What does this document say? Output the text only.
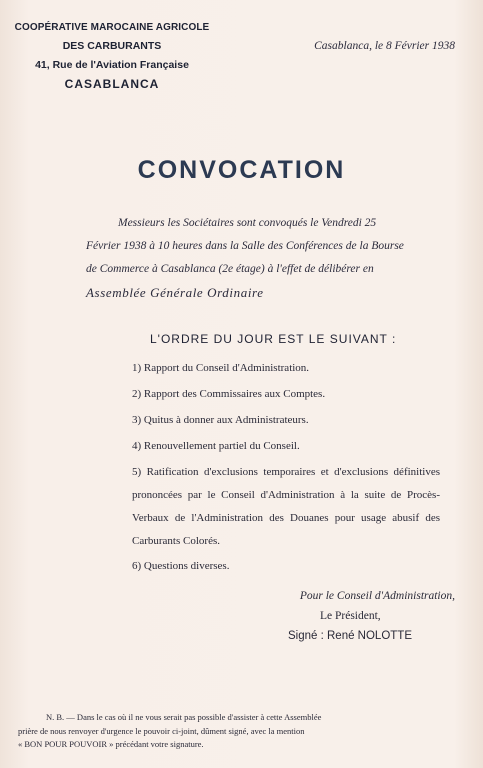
COOPÉRATIVE MAROCAINE AGRICOLE
DES CARBURANTS
41, Rue de l'Aviation Française
CASABLANCA
Casablanca, le 8 Février 1938
CONVOCATION

Messieurs les Sociétaires sont convoqués le Vendredi 25

Février 1938 à 10 heures dans la Salle des Conférences de la Bourse

de Commerce à Casablanca (2e étage) à l'effet de délibérer en

Assemblée Générale Ordinaire

L'ORDRE DU JOUR EST LE SUIVANT :
1) Rapport du Conseil d'Administration.
2) Rapport des Commissaires aux Comptes.
3) Quitus à donner aux Administrateurs.
4) Renouvellement partiel du Conseil.
5) Ratification d'exclusions temporaires et d'exclusions définitives prononcées par le Conseil d'Administration à la suite de Procès-Verbaux de l'Administration des Douanes pour usage abusif des Carburants Colorés.
6) Questions diverses.
Pour le Conseil d'Administration,
Le Président,
Signé : René NOLOTTE

N. B. — Dans le cas où il ne vous serait pas possible d'assister à cette Assemblée

prière de nous renvoyer d'urgence le pouvoir ci-joint, dûment signé, avec la mention

« BON POUR POUVOIR » précédant votre signature.
